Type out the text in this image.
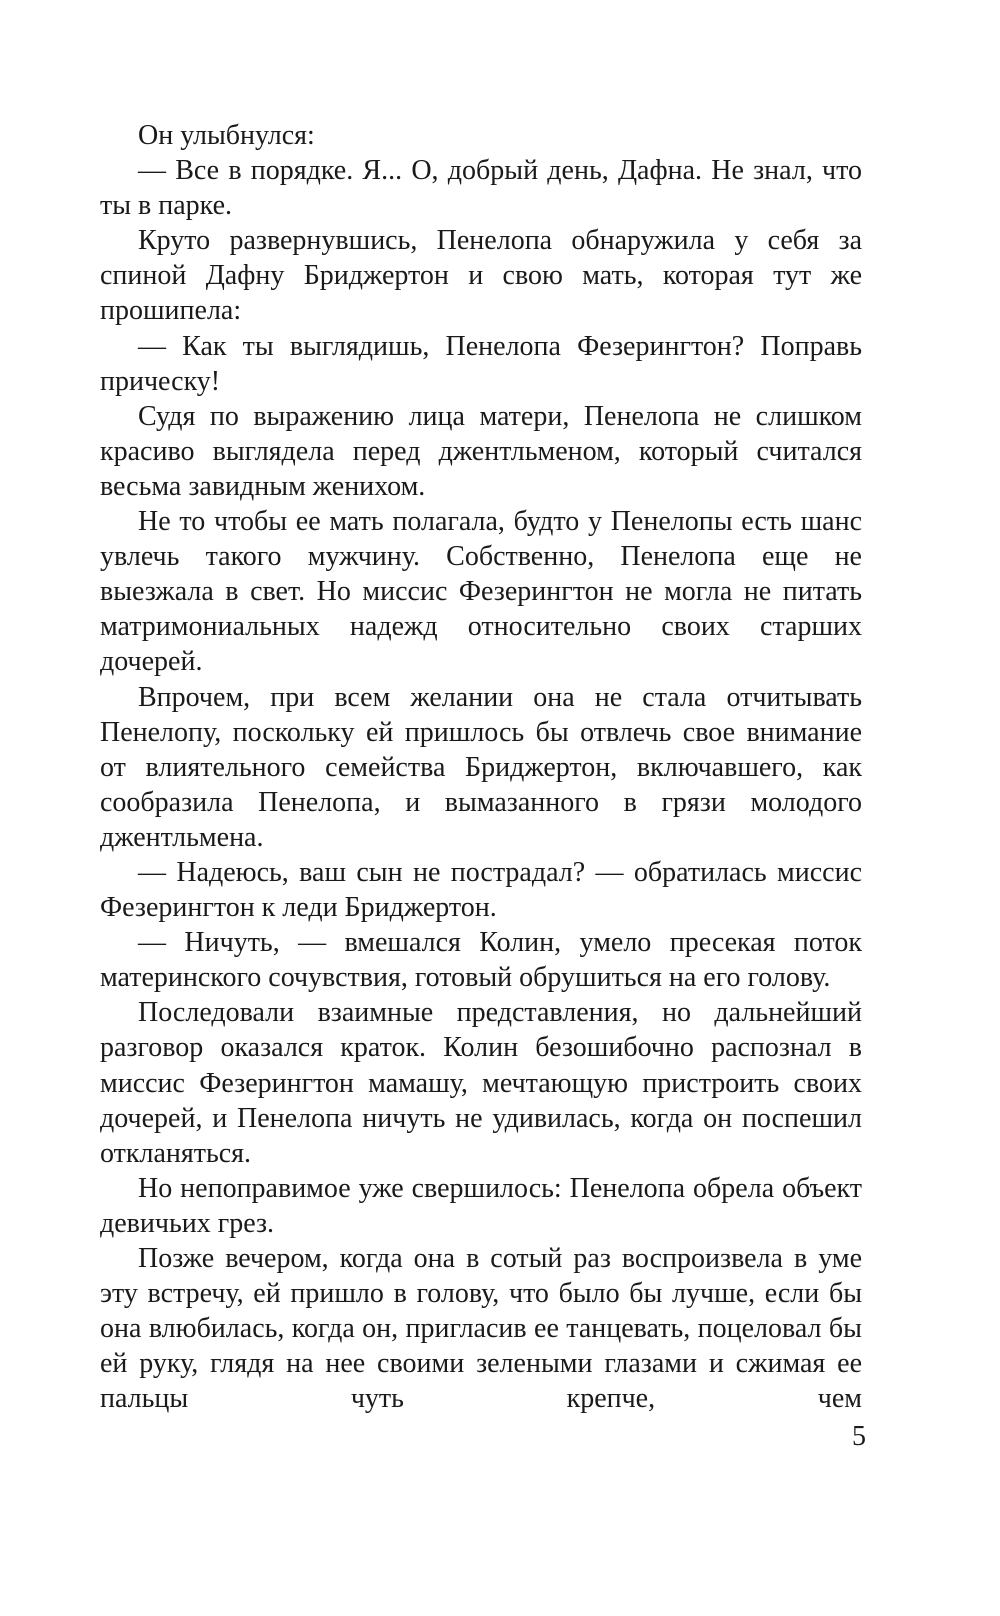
Он улыбнулся:

— Все в порядке. Я... О, добрый день, Дафна. Не знал, что ты в парке.

Круто развернувшись, Пенелопа обнаружила у себя за спиной Дафну Бриджертон и свою мать, которая тут же прошипела:

— Как ты выглядишь, Пенелопа Фезерингтон? Поправь прическу!

Судя по выражению лица матери, Пенелопа не слишком красиво выглядела перед джентльменом, который считался весьма завидным женихом.

Не то чтобы ее мать полагала, будто у Пенелопы есть шанс увлечь такого мужчину. Собственно, Пенелопа еще не выезжала в свет. Но миссис Фезерингтон не могла не питать матримониальных надежд относительно своих старших дочерей.

Впрочем, при всем желании она не стала отчитывать Пенелопу, поскольку ей пришлось бы отвлечь свое внимание от влиятельного семейства Бриджертон, включавшего, как сообразила Пенелопа, и вымазанного в грязи молодого джентльмена.

— Надеюсь, ваш сын не пострадал? — обратилась миссис Фезерингтон к леди Бриджертон.

— Ничуть, — вмешался Колин, умело пресекая поток материнского сочувствия, готовый обрушиться на его голову.

Последовали взаимные представления, но дальнейший разговор оказался краток. Колин безошибочно распознал в миссис Фезерингтон мамашу, мечтающую пристроить своих дочерей, и Пенелопа ничуть не удивилась, когда он поспешил откланяться.

Но непоправимое уже свершилось: Пенелопа обрела объект девичьих грез.

Позже вечером, когда она в сотый раз воспроизвела в уме эту встречу, ей пришло в голову, что было бы лучше, если бы она влюбилась, когда он, пригласив ее танцевать, поцеловал бы ей руку, глядя на нее своими зелеными глазами и сжимая ее пальцы чуть крепче, чем

5
